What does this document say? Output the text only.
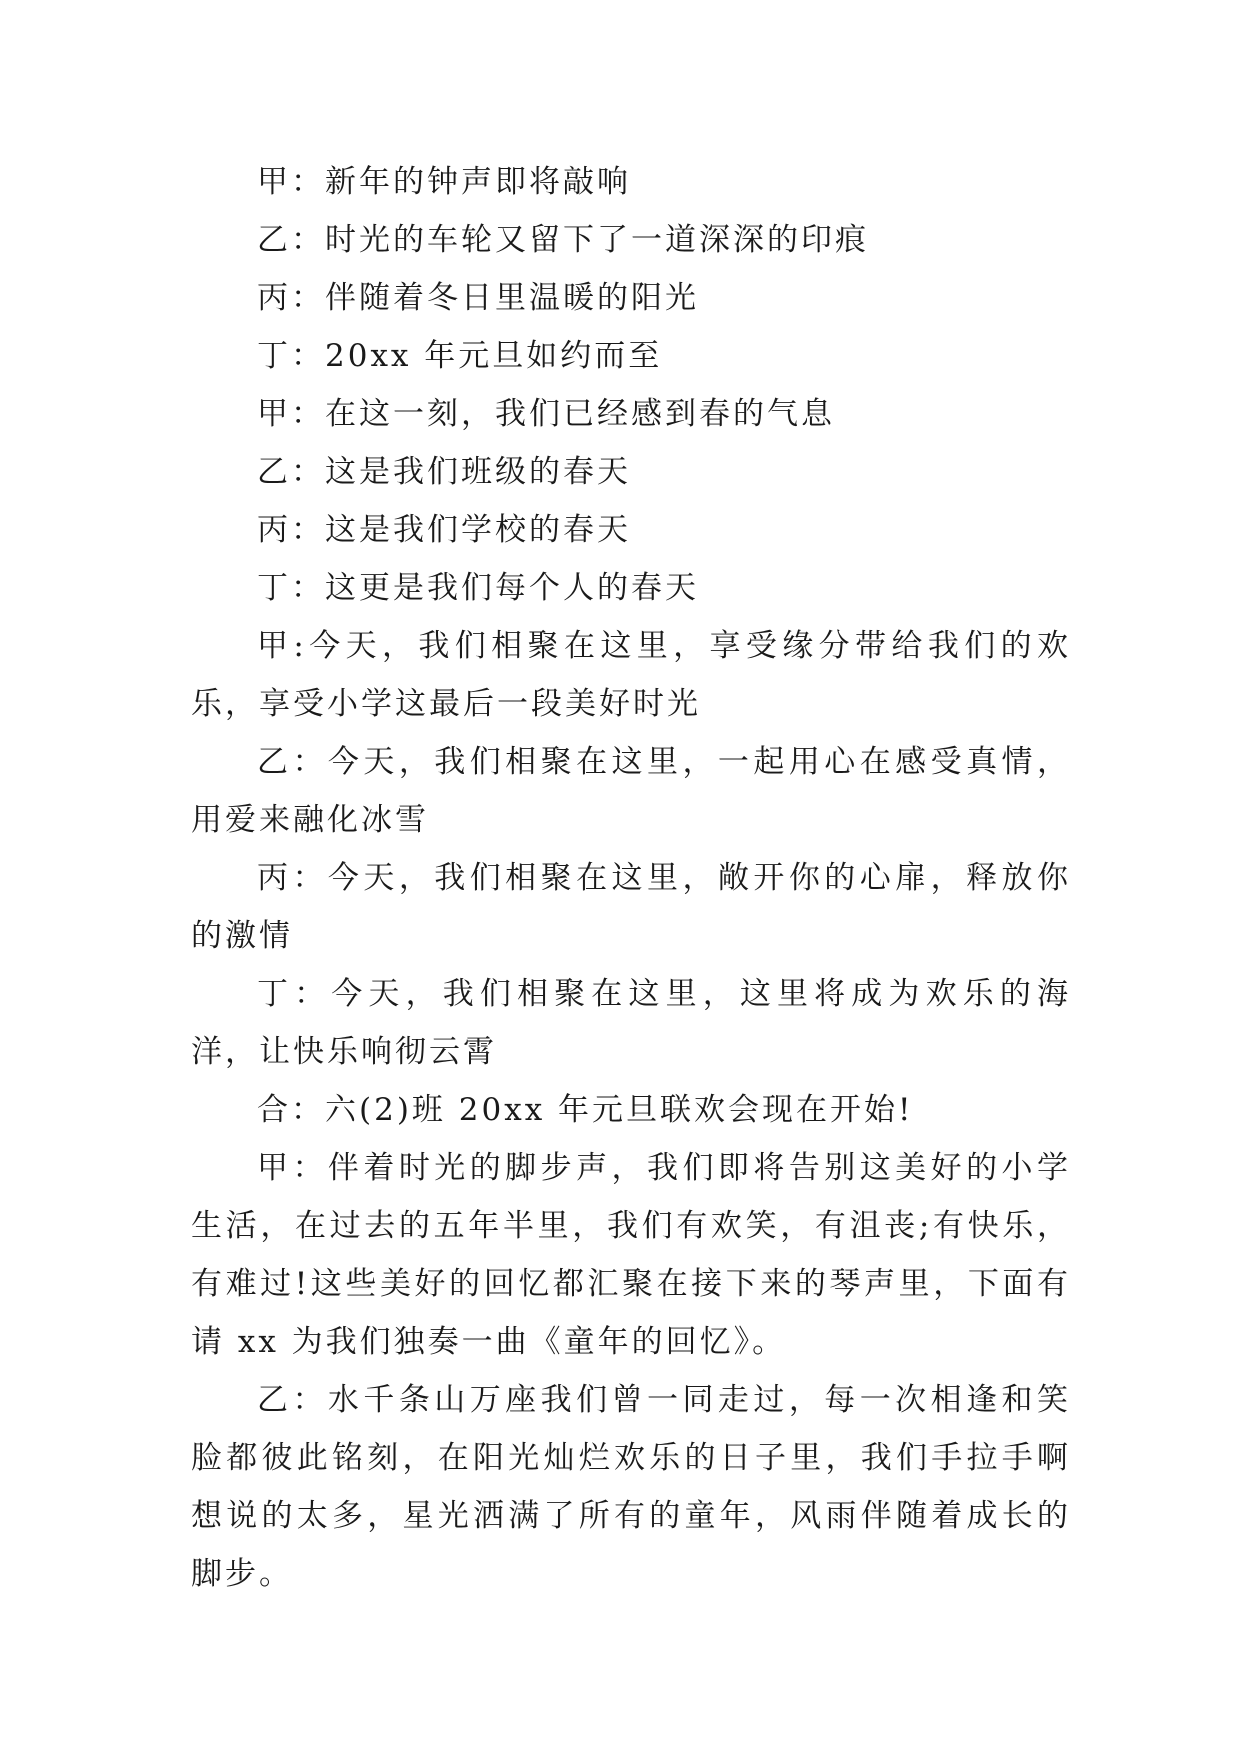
甲：新年的钟声即将敲响

乙：时光的车轮又留下了一道深深的印痕

丙：伴随着冬日里温暖的阳光

丁：20xx 年元旦如约而至

甲：在这一刻，我们已经感到春的气息

乙：这是我们班级的春天

丙：这是我们学校的春天

丁：这更是我们每个人的春天

甲:今天，我们相聚在这里，享受缘分带给我们的欢乐，享受小学这最后一段美好时光

乙：今天，我们相聚在这里，一起用心在感受真情，用爱来融化冰雪

丙：今天，我们相聚在这里，敞开你的心扉，释放你的激情

丁：今天，我们相聚在这里，这里将成为欢乐的海洋，让快乐响彻云霄

合：六(2)班 20xx 年元旦联欢会现在开始!

甲：伴着时光的脚步声，我们即将告别这美好的小学生活，在过去的五年半里，我们有欢笑，有沮丧;有快乐，有难过!这些美好的回忆都汇聚在接下来的琴声里，下面有请 xx 为我们独奏一曲《童年的回忆》。

乙：水千条山万座我们曾一同走过，每一次相逢和笑脸都彼此铭刻，在阳光灿烂欢乐的日子里，我们手拉手啊想说的太多，星光洒满了所有的童年，风雨伴随着成长的脚步。
